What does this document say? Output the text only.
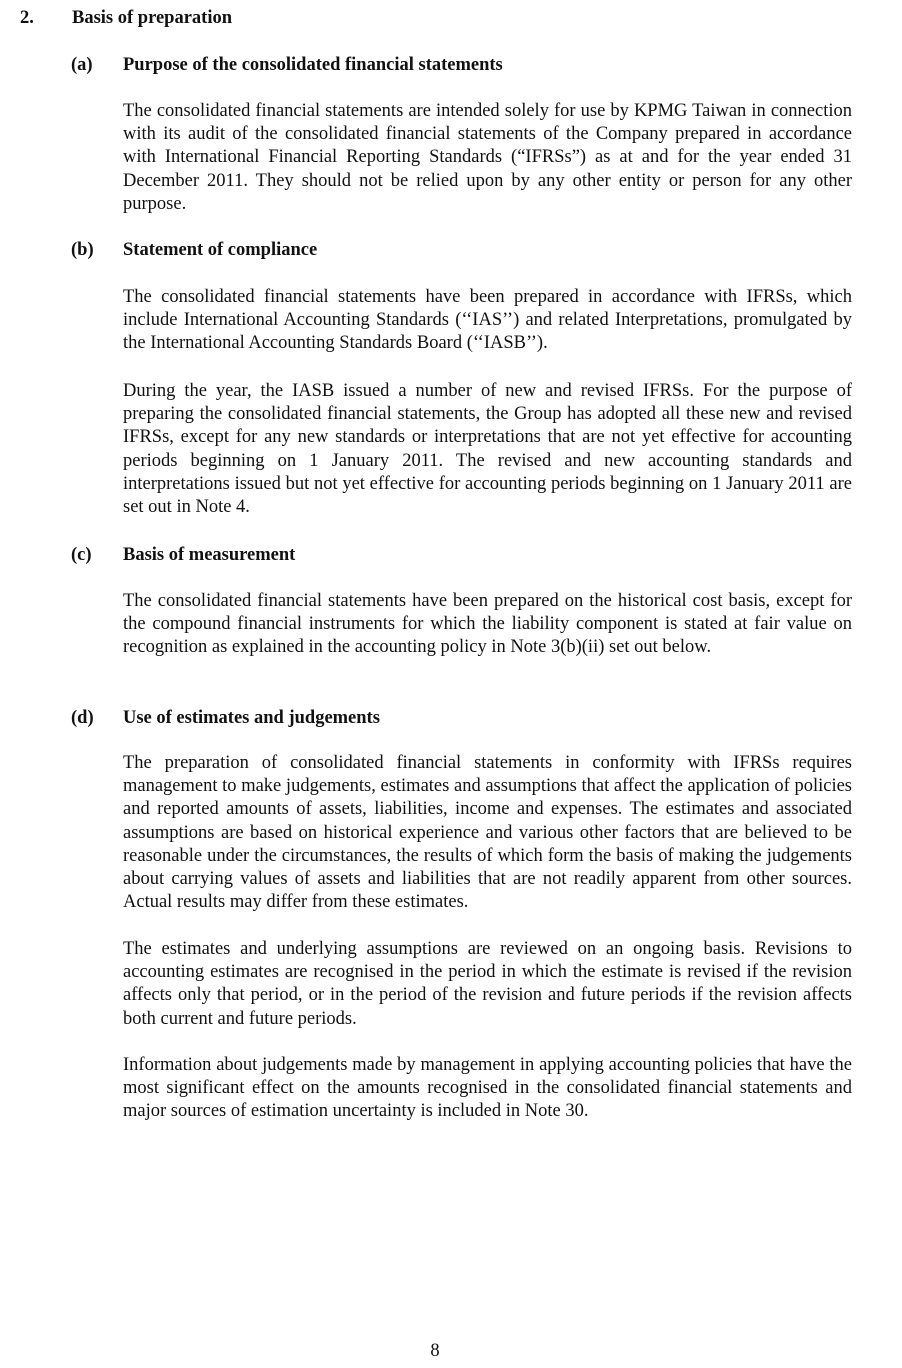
2. Basis of preparation
(a) Purpose of the consolidated financial statements

The consolidated financial statements are intended solely for use by KPMG Taiwan in connection with its audit of the consolidated financial statements of the Company prepared in accordance with International Financial Reporting Standards (“IFRSs”) as at and for the year ended 31 December 2011. They should not be relied upon by any other entity or person for any other purpose.

(b) Statement of compliance

The consolidated financial statements have been prepared in accordance with IFRSs, which include International Accounting Standards (‘‘IAS’’) and related Interpretations, promulgated by the International Accounting Standards Board (‘‘IASB’’).

During the year, the IASB issued a number of new and revised IFRSs. For the purpose of preparing the consolidated financial statements, the Group has adopted all these new and revised IFRSs, except for any new standards or interpretations that are not yet effective for accounting periods beginning on 1 January 2011. The revised and new accounting standards and interpretations issued but not yet effective for accounting periods beginning on 1 January 2011 are set out in Note 4.

(c) Basis of measurement

The consolidated financial statements have been prepared on the historical cost basis, except for the compound financial instruments for which the liability component is stated at fair value on recognition as explained in the accounting policy in Note 3(b)(ii) set out below.

(d) Use of estimates and judgements

The preparation of consolidated financial statements in conformity with IFRSs requires management to make judgements, estimates and assumptions that affect the application of policies and reported amounts of assets, liabilities, income and expenses. The estimates and associated assumptions are based on historical experience and various other factors that are believed to be reasonable under the circumstances, the results of which form the basis of making the judgements about carrying values of assets and liabilities that are not readily apparent from other sources. Actual results may differ from these estimates.

The estimates and underlying assumptions are reviewed on an ongoing basis. Revisions to accounting estimates are recognised in the period in which the estimate is revised if the revision affects only that period, or in the period of the revision and future periods if the revision affects both current and future periods.

Information about judgements made by management in applying accounting policies that have the most significant effect on the amounts recognised in the consolidated financial statements and major sources of estimation uncertainty is included in Note 30.

8
